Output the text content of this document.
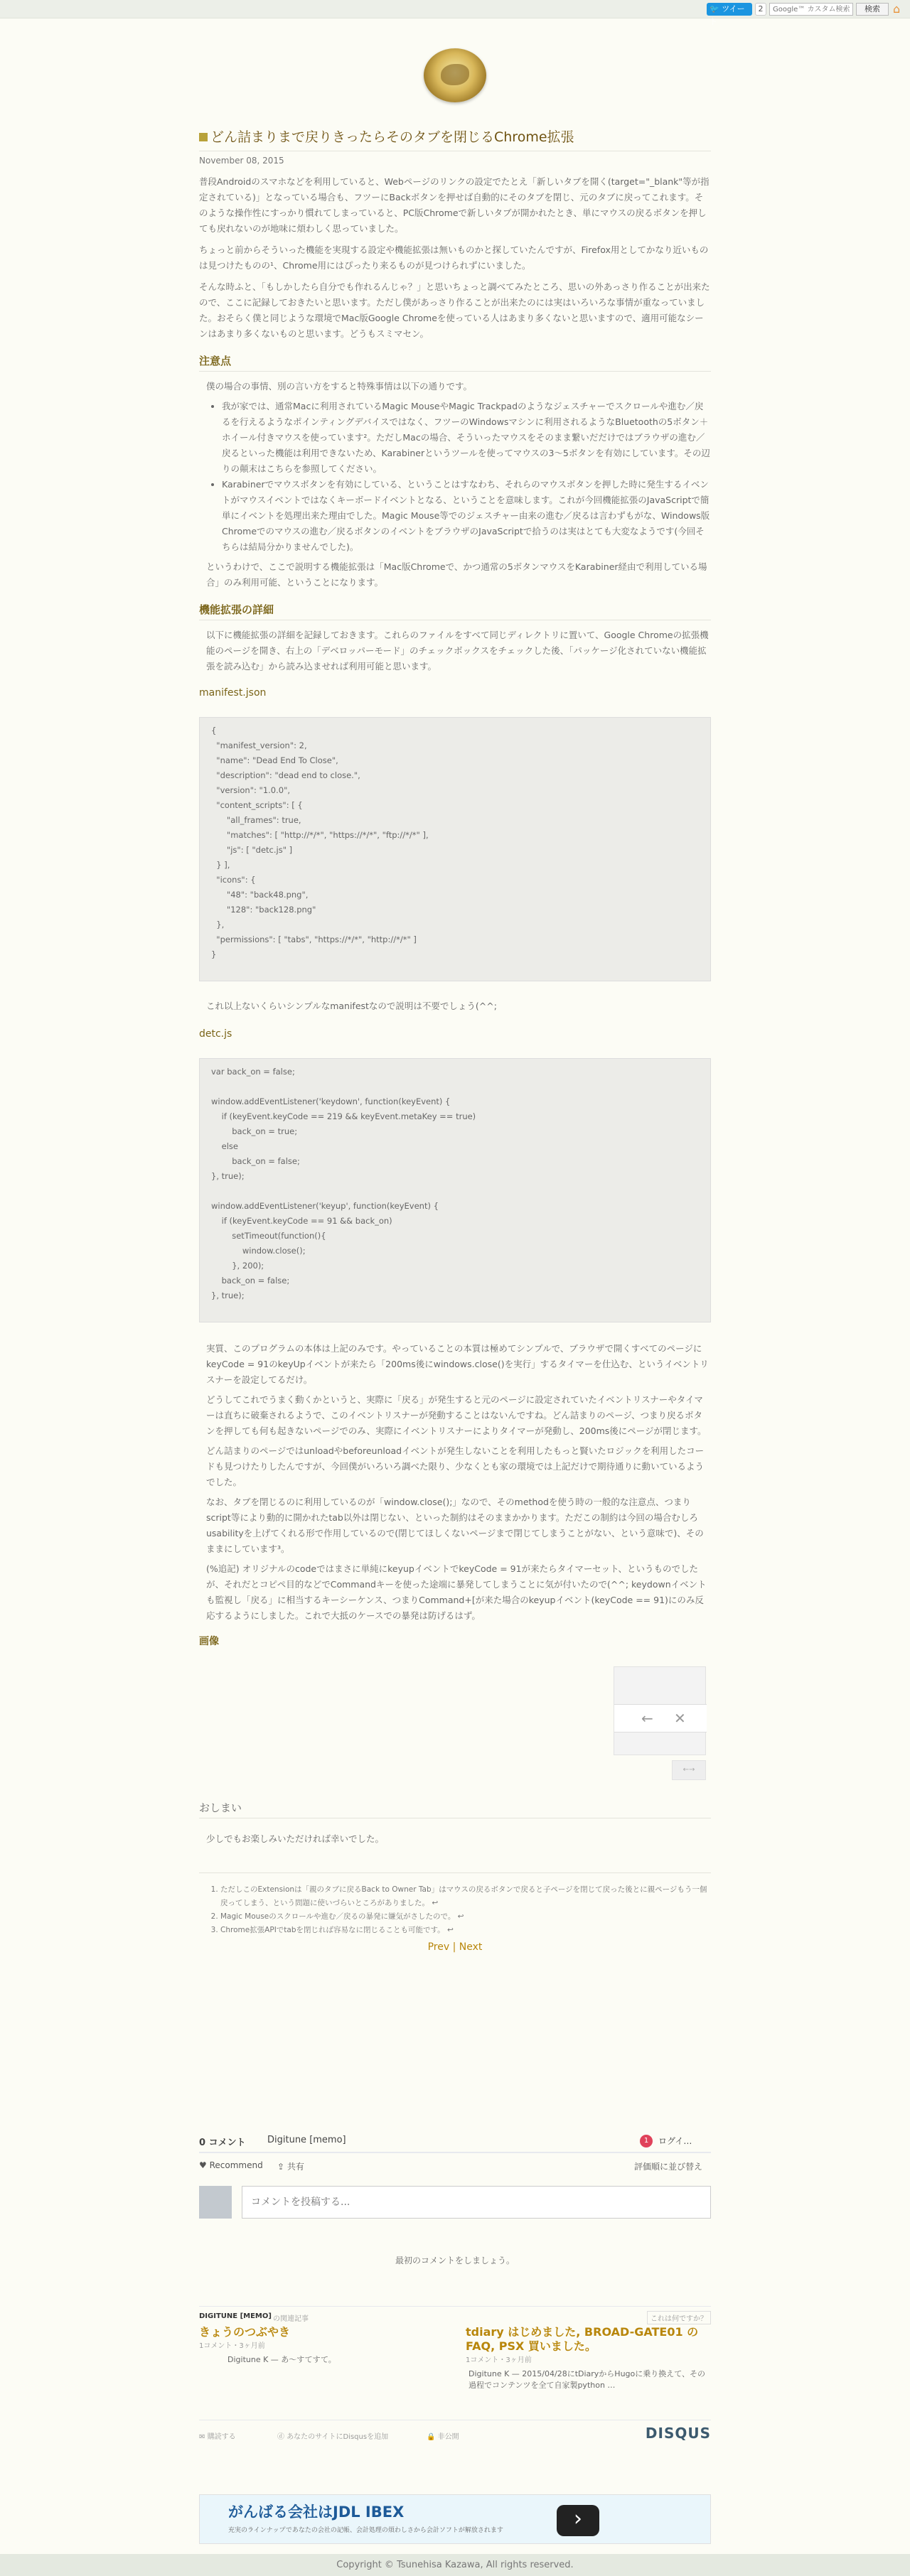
🐦 ツイート
2
Google™ カスタム検索	検索	⌂
どん詰まりまで戻りきったらそのタブを閉じるChrome拡張
November 08, 2015

普段Androidのスマホなどを利用していると、Webページのリンクの設定でたとえ「新しいタブを開く(target="_blank"等が指定されている)」となっている場合も、フツーにBackボタンを押せば自動的にそのタブを閉じ、元のタブに戻ってこれます。そのような操作性にすっかり慣れてしまっていると、PC版Chromeで新しいタブが開かれたとき、単にマウスの戻るボタンを押しても戻れないのが地味に煩わしく思っていました。

ちょっと前からそういった機能を実現する設定や機能拡張は無いものかと探していたんですが、Firefox用としてかなり近いものは見つけたものの¹、Chrome用にはぴったり来るものが見つけられずにいました。

そんな時ふと、「もしかしたら自分でも作れるんじゃ？」と思いちょっと調べてみたところ、思いの外あっさり作ることが出来たので、ここに記録しておきたいと思います。ただし僕があっさり作ることが出来たのには実はいろいろな事情が重なっていました。おそらく僕と同じような環境でMac版Google Chromeを使っている人はあまり多くないと思いますので、適用可能なシーンはあまり多くないものと思います。どうもスミマセン。

注意点

僕の場合の事情、別の言い方をすると特殊事情は以下の通りです。

• 我が家では、通常Macに利用されているMagic MouseやMagic Trackpadのようなジェスチャーでスクロールや進む／戻るを行えるようなポインティングデバイスではなく、フツーのWindowsマシンに利用されるようなBluetoothの5ボタン＋ホイール付きマウスを使っています²。ただしMacの場合、そういったマウスをそのまま繋いだだけではブラウザの進む／戻るといった機能は利用できないため、Karabinerというツールを使ってマウスの3～5ボタンを有効にしています。その辺りの顛末はこちらを参照してください。
• Karabinerでマウスボタンを有効にしている、ということはすなわち、それらのマウスボタンを押した時に発生するイベントがマウスイベントではなくキーボードイベントとなる、ということを意味します。これが今回機能拡張のJavaScriptで簡単にイベントを処理出来た理由でした。Magic Mouse等でのジェスチャー由来の進む／戻るは言わずもがな、Windows版Chromeでのマウスの進む／戻るボタンのイベントをブラウザのJavaScriptで拾うのは実はとても大変なようです(今回そちらは結局分かりませんでした)。

というわけで、ここで説明する機能拡張は「Mac版Chromeで、かつ通常の5ボタンマウスをKarabiner経由で利用している場合」のみ利用可能、ということになります。

機能拡張の詳細

以下に機能拡張の詳細を記録しておきます。これらのファイルをすべて同じディレクトリに置いて、Google Chromeの拡張機能のページを開き、右上の「デベロッパーモード」のチェックボックスをチェックした後、「パッケージ化されていない機能拡張を読み込む」から読み込ませれば利用可能と思います。

manifest.json
{
"manifest_version": 2,
"name": "Dead End To Close",
"description": "dead end to close.",
"version": "1.0.0",
"content_scripts": [ {
"all_frames": true,
"matches": [ "http://*/*", "https://*/*", "ftp://*/*" ],
"js": [ "detc.js" ]
} ],
"icons": {
"48": "back48.png",
"128": "back128.png"
},
"permissions": [ "tabs", "https://*/*", "http://*/*" ]
}

これ以上ないくらいシンプルなmanifestなので説明は不要でしょう(^^;

detc.js
var back_on = false;

window.addEventListener('keydown', function(keyEvent) {
if (keyEvent.keyCode == 219 && keyEvent.metaKey == true)
back_on = true;
else
back_on = false;
}, true);

window.addEventListener('keyup', function(keyEvent) {
if (keyEvent.keyCode == 91 && back_on)
setTimeout(function(){
window.close();
}, 200);
back_on = false;
}, true);

実質、このプログラムの本体は上記のみです。やっていることの本質は極めてシンプルで、ブラウザで開くすべてのページにkeyCode = 91のkeyUpイベントが来たら「200ms後にwindows.close()を実行」するタイマーを仕込む、というイベントリスナーを設定してるだけ。

どうしてこれでうまく動くかというと、実際に「戻る」が発生すると元のページに設定されていたイベントリスナーやタイマーは直ちに破棄されるようで、このイベントリスナーが発動することはないんですね。どん詰まりのページ、つまり戻るボタンを押しても何も起きないページでのみ、実際にイベントリスナーによりタイマーが発動し、200ms後にページが閉じます。

どん詰まりのページではunloadやbeforeunloadイベントが発生しないことを利用したもっと賢いたロジックを利用したコードも見つけたりしたんですが、今回僕がいろいろ調べた限り、少なくとも家の環境では上記だけで期待通りに動いているようでした。

なお、タブを閉じるのに利用しているのが「window.close();」なので、そのmethodを使う時の一般的な注意点、つまりscript等により動的に開かれたtab以外は閉じない、といった制約はそのままかかります。ただこの制約は今回の場合むしろusabilityを上げてくれる形で作用しているので(閉じてほしくないページまで閉じてしまうことがない、という意味で)、そのままにしています³。

(%追記) オリジナルのcodeではまさに単純にkeyupイベントでkeyCode = 91が来たらタイマーセット、というものでしたが、それだとコピペ目的などでCommandキーを使った途端に暴発してしまうことに気が付いたので(^^; keydownイベントも監視し「戻る」に相当するキーシーケンス、つまりCommand+[が来た場合のkeyupイベント(keyCode == 91)にのみ反応するようにしました。これで大抵のケースでの暴発は防げるはず。

画像
← ✕
←→
おしまい

少しでもお楽しみいただければ幸いでした。

1. ただしこのExtensionは「親のタブに戻るBack to Owner Tab」はマウスの戻るボタンで戻ると子ページを閉じて戻った後とに親ページもう一個戻ってしまう、という問題に使いづらいところがありました。 ↩
2. Magic Mouseのスクロールや進む／戻るの暴発に嫌気がさしたので。 ↩
3. Chrome拡張APIでtabを閉じれば容易なに閉じることも可能です。 ↩
Prev | Next
0 コメント Digitune [memo]	1	ログイ…
♥ Recommend ⇪ 共有	評価順に並び替え
コメントを投稿する...
最初のコメントをしましょう。
DIGITUNE [MEMO] の関連記事	これは何ですか？
きょうのつぶやき
1コメント・3ヶ月前
Digitune K — あ〜すてすて。
tdiary はじめました, BROAD-GATE01 の FAQ, PSX 買いました。
1コメント・3ヶ月前
Digitune K — 2015/04/28にtDiaryからHugoに乗り換えて、その過程でコンテンツを全て自家製python …
✉ 購読する	ⓓ あなたのサイトにDisqusを追加	🔒 非公開	DISQUS
がんばる会社はJDL IBEX
充実のラインナップであなたの会社の記帳、会計処理の煩わしさから会計ソフトが解放されます	›
Copyright © Tsunehisa Kazawa, All rights reserved.
